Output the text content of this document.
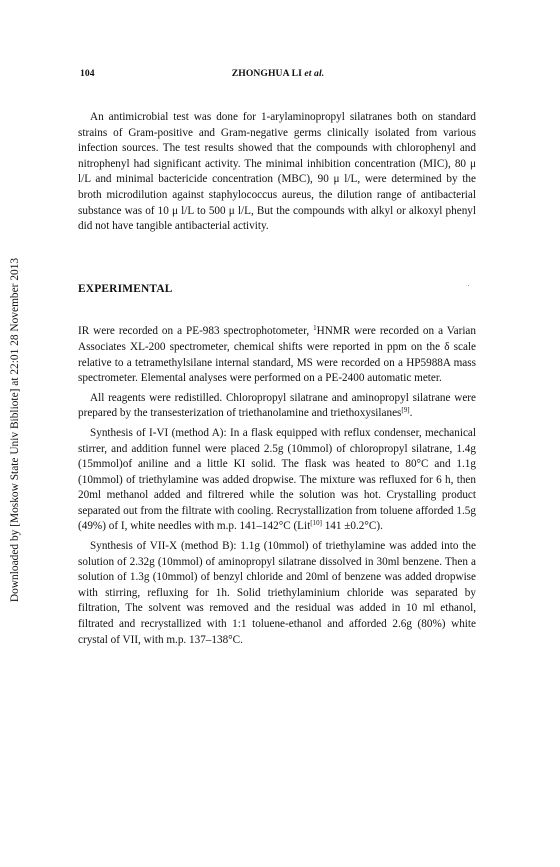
104	ZHONGHUA LI et al.
Downloaded by [Moskow State Univ Bibliote] at 22:01 28 November 2013

An antimicrobial test was done for 1-arylaminopropyl silatranes both on standard strains of Gram-positive and Gram-negative germs clinically isolated from various infection sources. The test results showed that the compounds with chlorophenyl and nitrophenyl had significant activity. The minimal inhibition concentration (MIC), 80 μ l/L and minimal bactericide concentration (MBC), 90 μ l/L, were determined by the broth microdilution against staphylococcus aureus, the dilution range of antibacterial substance was of 10 μ l/L to 500 μ l/L, But the compounds with alkyl or alkoxyl phenyl did not have tangible antibacterial activity.

EXPERIMENTAL

IR were recorded on a PE-983 spectrophotometer, $^1$HNMR were recorded on a Varian Associates XL-200 spectrometer, chemical shifts were reported in ppm on the δ scale relative to a tetramethylsilane internal standard, MS were recorded on a HP5988A mass spectrometer. Elemental analyses were performed on a PE-2400 automatic meter.

All reagents were redistilled. Chloropropyl silatrane and aminopropyl silatrane were prepared by the transesterization of triethanolamine and triethoxysilanes[9].

Synthesis of I-VI (method A): In a flask equipped with reflux condenser, mechanical stirrer, and addition funnel were placed 2.5g (10mmol) of chloropropyl silatrane, 1.4g (15mmol)of aniline and a little KI solid. The flask was heated to 80°C and 1.1g (10mmol) of triethylamine was added dropwise. The mixture was refluxed for 6 h, then 20ml methanol added and filtrered while the solution was hot. Crystalling product separated out from the filtrate with cooling. Recrystallization from toluene afforded 1.5g (49%) of I, white needles with m.p. 141–142°C (Lit[10] 141 ±0.2°C).

Synthesis of VII-X (method B): 1.1g (10mmol) of triethylamine was added into the solution of 2.32g (10mmol) of aminopropyl silatrane dissolved in 30ml benzene. Then a solution of 1.3g (10mmol) of benzyl chloride and 20ml of benzene was added dropwise with stirring, refluxing for 1h. Solid triethylaminium chloride was separated by filtration, The solvent was removed and the residual was added in 10 ml ethanol, filtrated and recrystallized with 1:1 toluene-ethanol and afforded 2.6g (80%) white crystal of VII, with m.p. 137–138°C.
